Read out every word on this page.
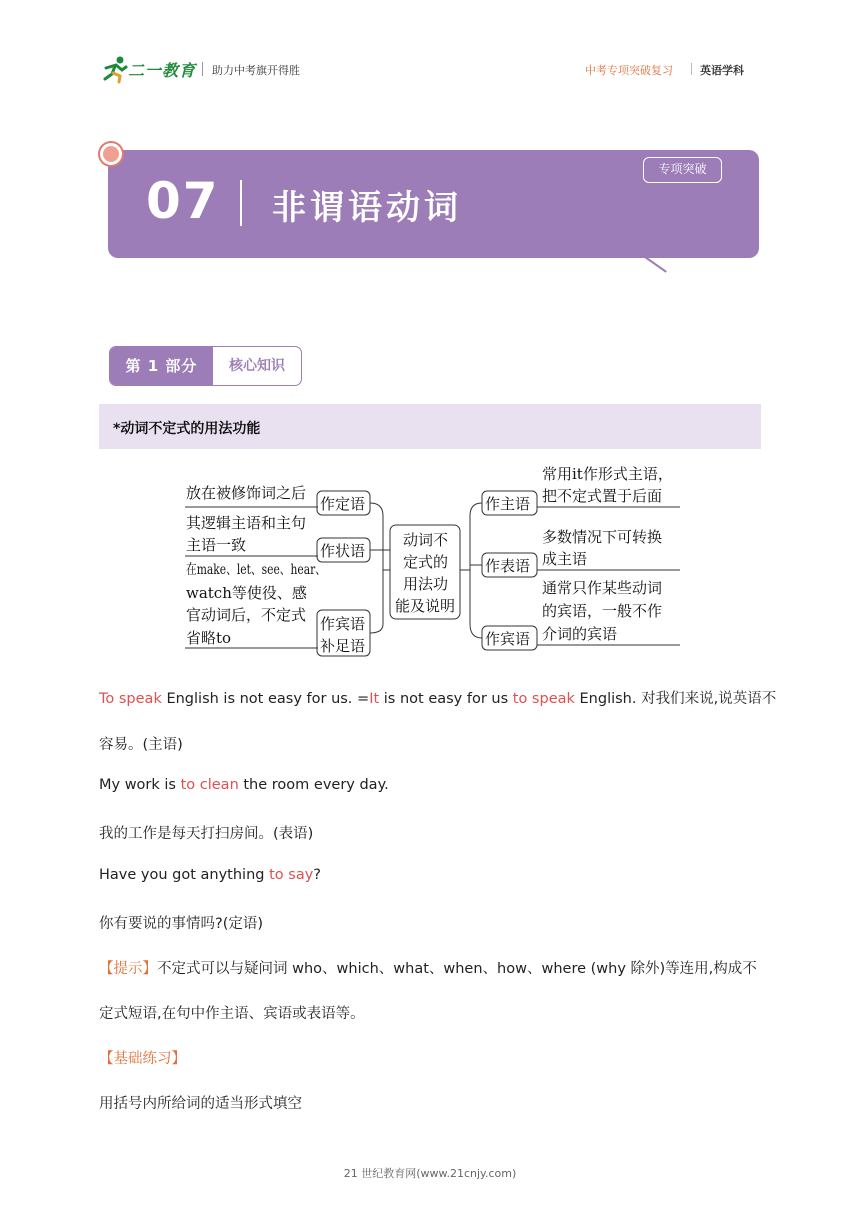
二一教育 助力中考旗开得胜	中考专项突破复习 英语学科
07 非谓语动词
专项突破
第 1 部分	核心知识
*动词不定式的用法功能
放在被修饰词之后
其逻辑主语和主句
主语一致
在make、let、see、hear、
watch等使役、感
官动词后，不定式
省略to
作定语
作状语
作宾语
补足语
动词不
定式的
用法功
能及说明
作主语
作表语
作宾语
常用it作形式主语，
把不定式置于后面
多数情况下可转换
成主语
通常只作某些动词
的宾语，一般不作
介词的宾语
To speak English is not easy for us. =It is not easy for us to speak English. 对我们来说,说英语不
容易。(主语)
My work is to clean the room every day.
我的工作是每天打扫房间。(表语)
Have you got anything to say?
你有要说的事情吗?(定语)
【提示】不定式可以与疑问词 who、which、what、when、how、where (why 除外)等连用,构成不
定式短语,在句中作主语、宾语或表语等。
【基础练习】
用括号内所给词的适当形式填空
21 世纪教育网(www.21cnjy.com)
